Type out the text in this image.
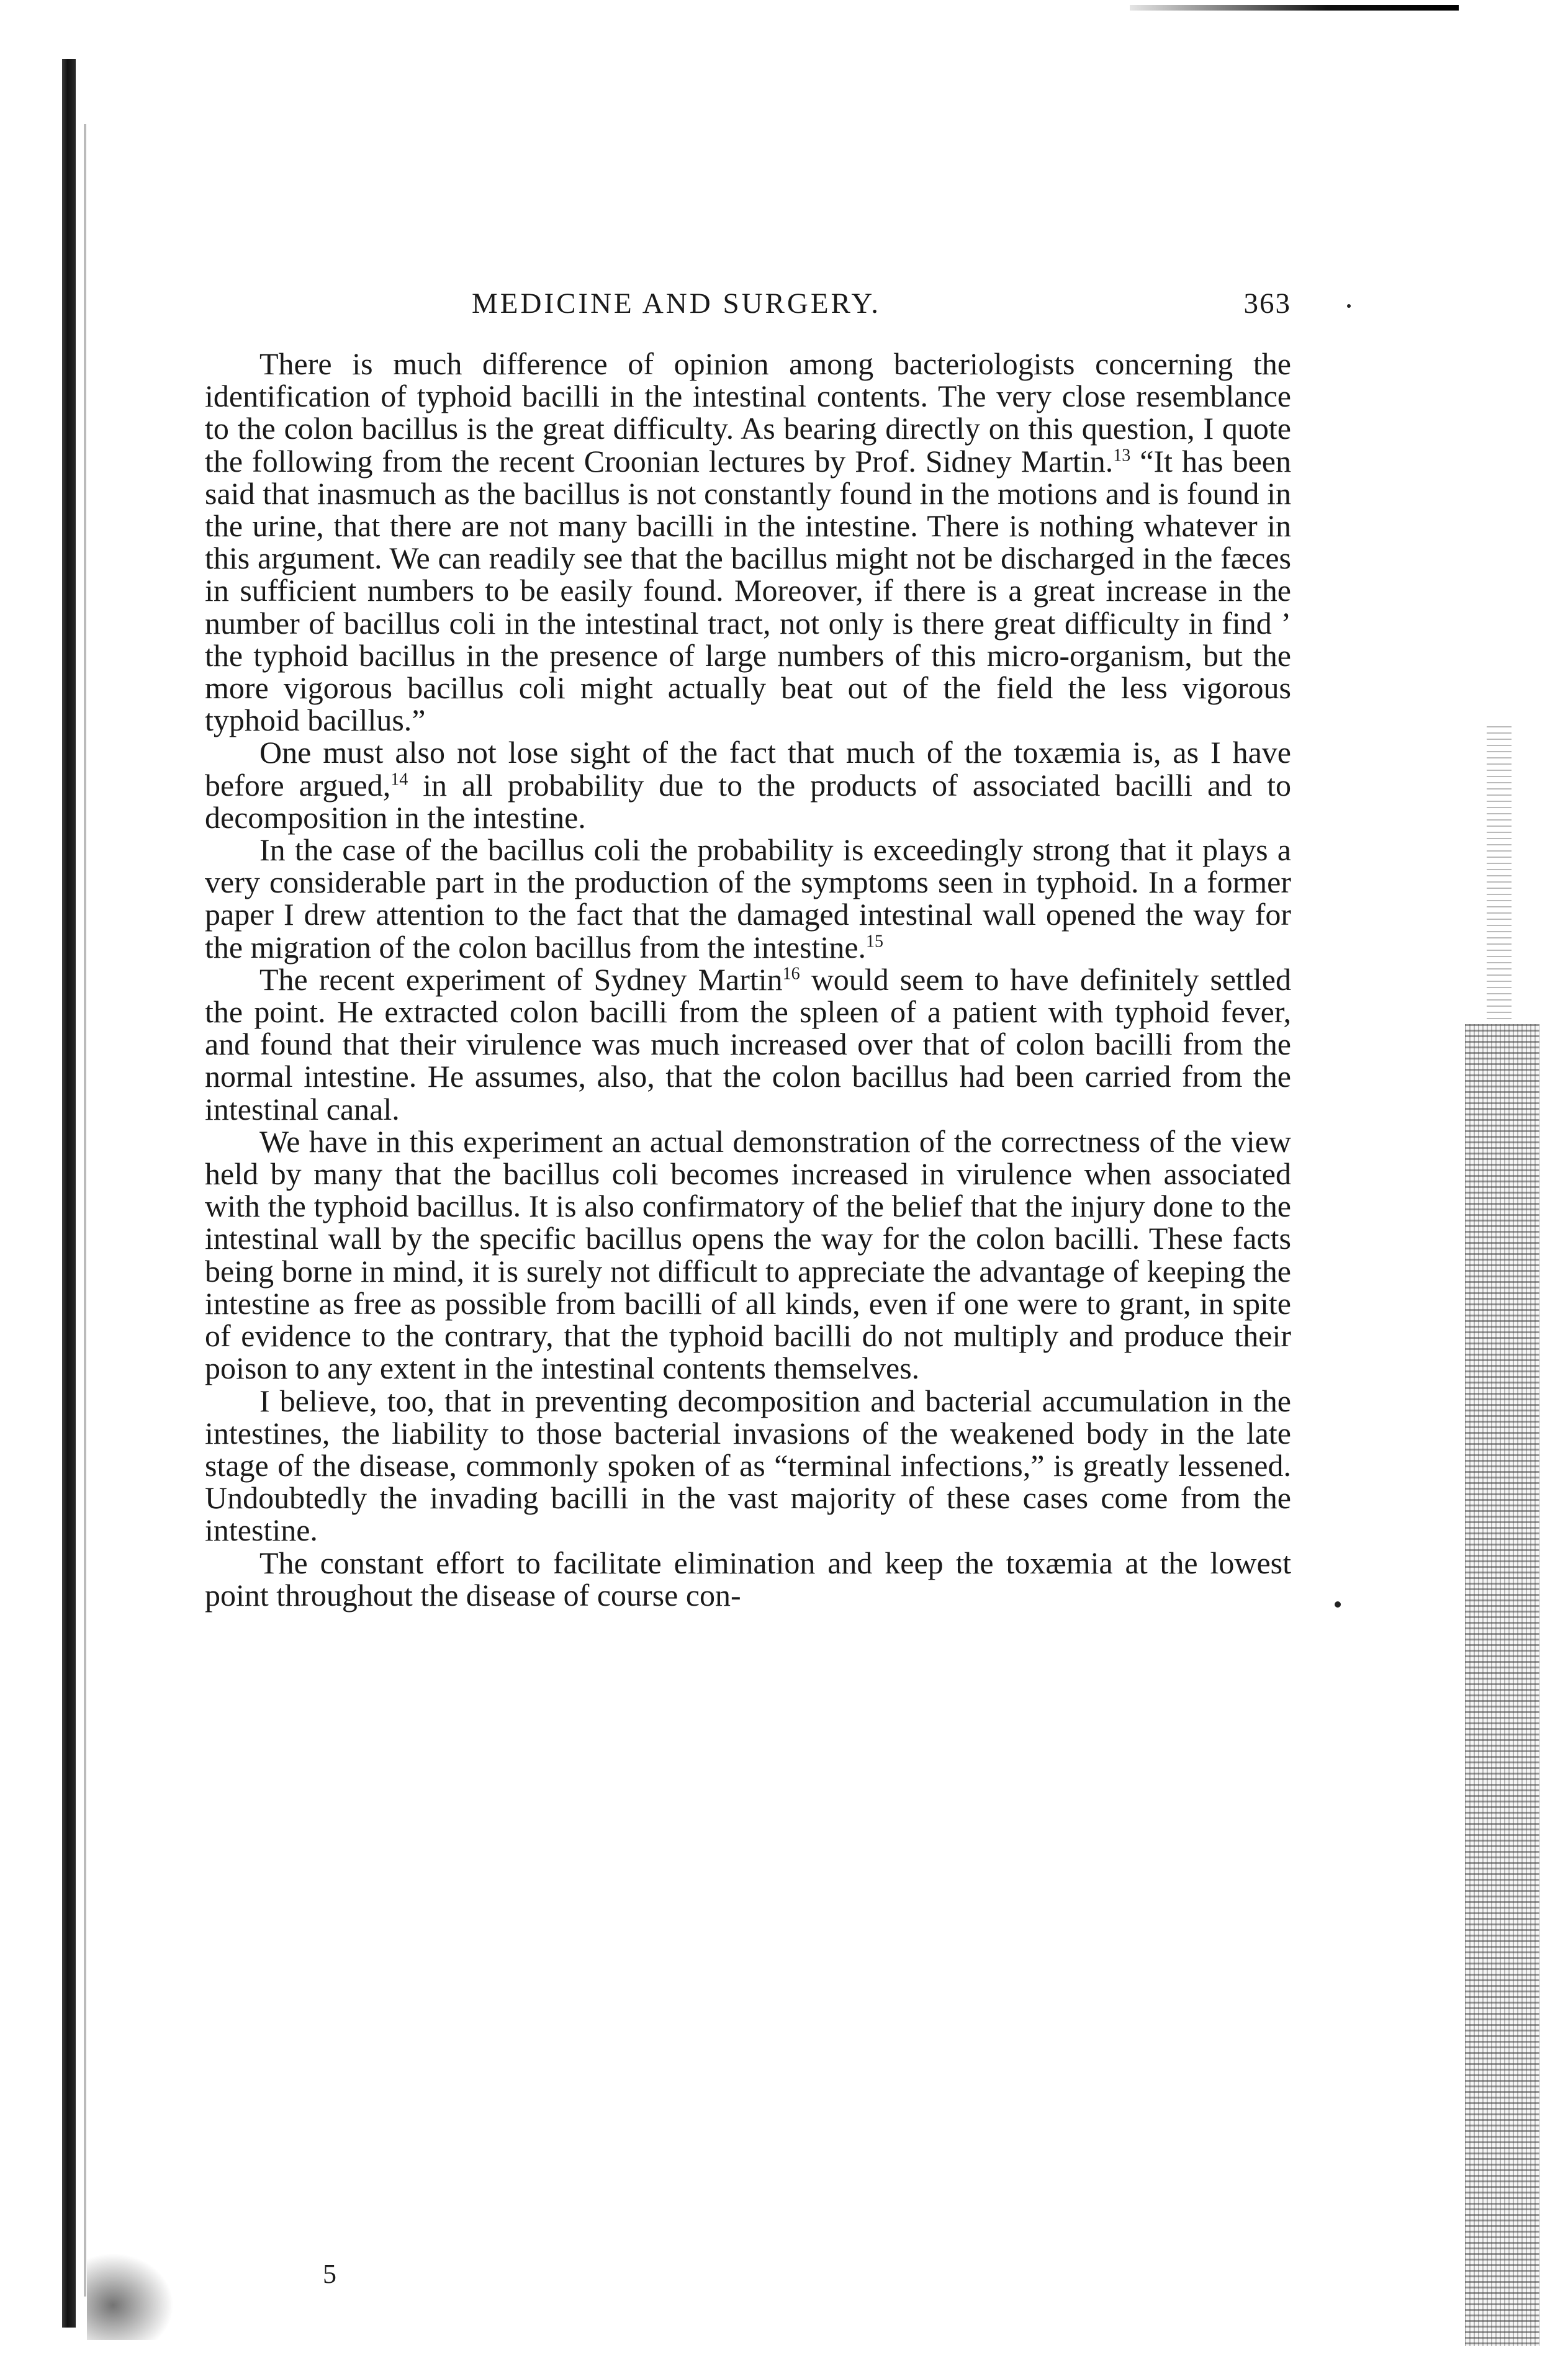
MEDICINE AND SURGERY.	363

There is much difference of opinion among bacteriologists concerning the identification of typhoid bacilli in the intestinal contents. The very close resemblance to the colon bacillus is the great difficulty. As bearing directly on this question, I quote the following from the recent Croonian lectures by Prof. Sidney Martin.$^{13}$ “It has been said that inasmuch as the bacillus is not constantly found in the motions and is found in the urine, that there are not many bacilli in the intestine. There is nothing whatever in this argument. We can readily see that the bacillus might not be discharged in the fæces in sufficient numbers to be easily found. Moreover, if there is a great increase in the number of bacillus coli in the intestinal tract, not only is there great difficulty in find ’ the typhoid bacillus in the presence of large numbers of this micro-organism, but the more vigorous bacillus coli might actually beat out of the field the less vigorous typhoid bacillus.”

One must also not lose sight of the fact that much of the toxæmia is, as I have before argued,$^{14}$ in all probability due to the products of associated bacilli and to decomposition in the intestine.

In the case of the bacillus coli the probability is exceedingly strong that it plays a very considerable part in the production of the symptoms seen in typhoid. In a former paper I drew attention to the fact that the damaged intestinal wall opened the way for the migration of the colon bacillus from the intestine.$^{15}$

The recent experiment of Sydney Martin$^{16}$ would seem to have definitely settled the point. He extracted colon bacilli from the spleen of a patient with typhoid fever, and found that their virulence was much increased over that of colon bacilli from the normal intestine. He assumes, also, that the colon bacillus had been carried from the intestinal canal.

We have in this experiment an actual demonstration of the correctness of the view held by many that the bacillus coli becomes increased in virulence when associated with the typhoid bacillus. It is also confirmatory of the belief that the injury done to the intestinal wall by the specific bacillus opens the way for the colon bacilli. These facts being borne in mind, it is surely not difficult to appreciate the advantage of keeping the intestine as free as possible from bacilli of all kinds, even if one were to grant, in spite of evidence to the contrary, that the typhoid bacilli do not multiply and produce their poison to any extent in the intestinal contents themselves.

I believe, too, that in preventing decomposition and bacterial accumulation in the intestines, the liability to those bacterial invasions of the weakened body in the late stage of the disease, commonly spoken of as “terminal infections,” is greatly lessened. Undoubtedly the invading bacilli in the vast majority of these cases come from the intestine.

The constant effort to facilitate elimination and keep the toxæmia at the lowest point throughout the disease of course con-

5
